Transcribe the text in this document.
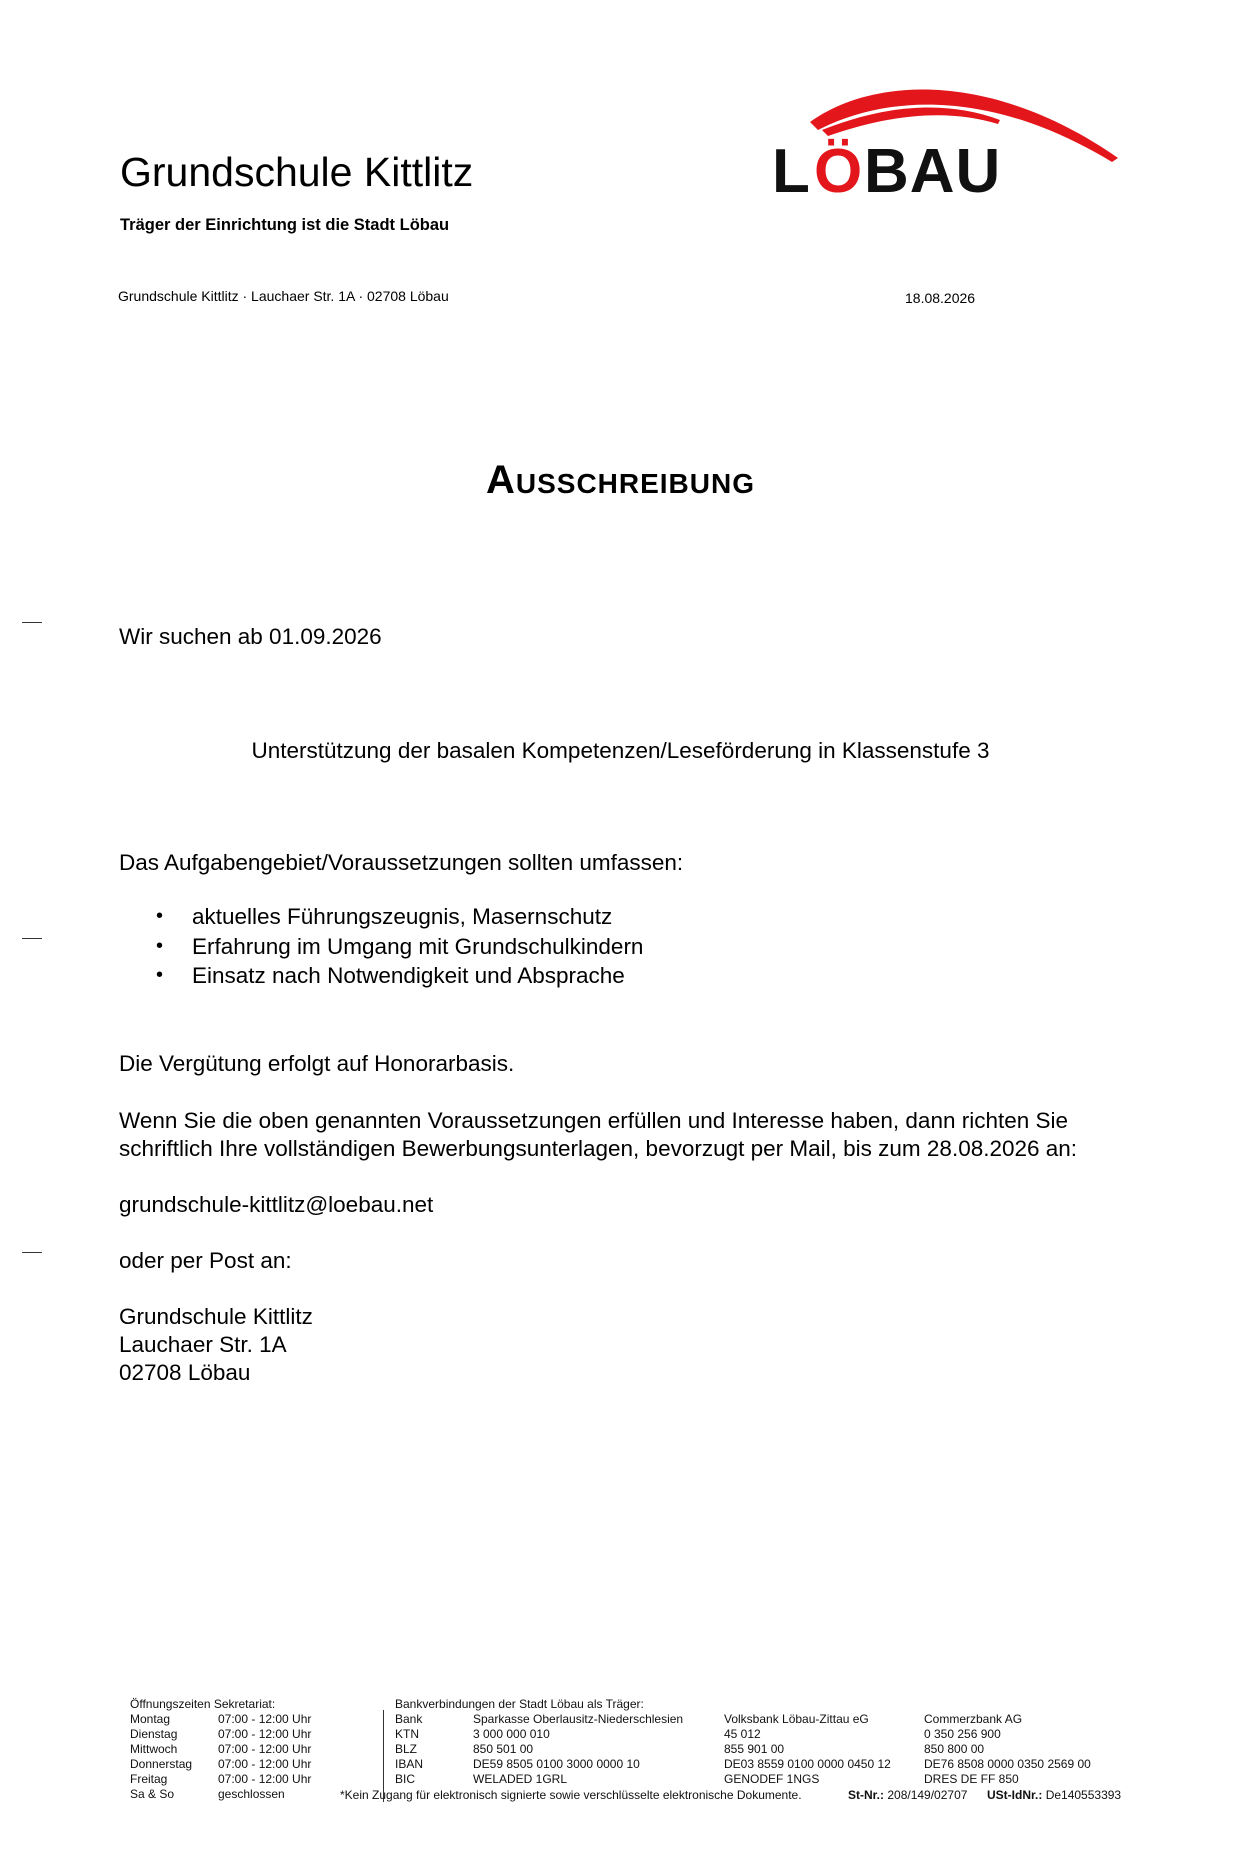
Grundschule Kittlitz
Träger der Einrichtung ist die Stadt Löbau
Grundschule Kittlitz · Lauchaer Str. 1A · 02708 Löbau	18.08.2026
L Ö BAU
Ausschreibung
Wir suchen ab 01.09.2026
Unterstützung der basalen Kompetenzen/Leseförderung in Klassenstufe 3
Das Aufgabengebiet/Voraussetzungen sollten umfassen:
• aktuelles Führungszeugnis, Masernschutz
• Erfahrung im Umgang mit Grundschulkindern
• Einsatz nach Notwendigkeit und Absprache
Die Vergütung erfolgt auf Honorarbasis.
Wenn Sie die oben genannten Voraussetzungen erfüllen und Interesse haben, dann richten Sie
schriftlich Ihre vollständigen Bewerbungsunterlagen, bevorzugt per Mail, bis zum 28.08.2026 an:
grundschule-kittlitz@loebau.net
oder per Post an:
Grundschule Kittlitz
Lauchaer Str. 1A
02708 Löbau
Öffnungszeiten Sekretariat:
Montag
Dienstag
Mittwoch
Donnerstag
Freitag
Sa & So
07:00 - 12:00 Uhr
07:00 - 12:00 Uhr
07:00 - 12:00 Uhr
07:00 - 12:00 Uhr
07:00 - 12:00 Uhr
geschlossen
Bankverbindungen der Stadt Löbau als Träger:
Bank
KTN
BLZ
IBAN
BIC
Sparkasse Oberlausitz-Niederschlesien
3 000 000 010
850 501 00
DE59 8505 0100 3000 0000 10
WELADED 1GRL
Volksbank Löbau-Zittau eG
45 012
855 901 00
DE03 8559 0100 0000 0450 12
GENODEF 1NGS
Commerzbank AG
0 350 256 900
850 800 00
DE76 8508 0000 0350 2569 00
DRES DE FF 850
*Kein Zugang für elektronisch signierte sowie verschlüsselte elektronische Dokumente.	St-Nr.: 208/149/02707 USt-IdNr.: De140553393
